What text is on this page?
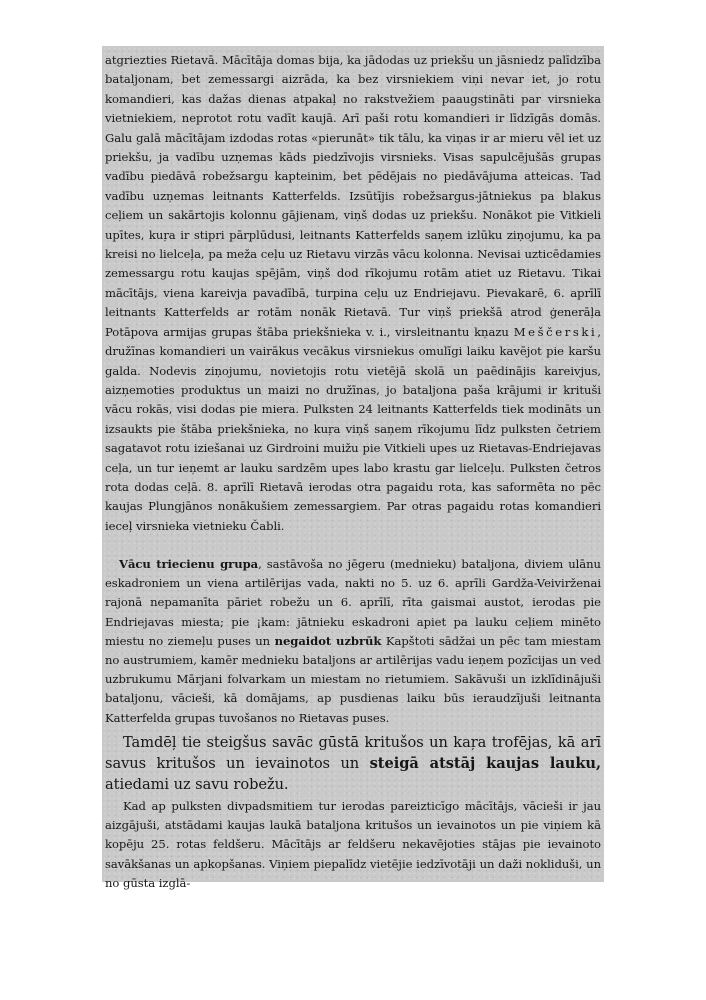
atgriezties Rietavā. Mācītāja domas bija, ka jādodas uz priekšu un jāsniedz palīdzība bataljonam, bet zemessargi aizrāda, ka bez virsniekiem viņi nevar iet, jo rotu komandieri, kas dažas dienas atpakaļ no rakstvežiem paaugstināti par virsnieka vietniekiem, neprotot rotu vadīt kaujā. Arī paši rotu komandieri ir līdzīgās domās. Galu galā mācītājam izdodas rotas «pierunāt» tik tālu, ka viņas ir ar mieru vēl iet uz priekšu, ja vadību uzņemas kāds piedzīvojis virsnieks. Visas sapulcējušās grupas vadību piedāvā robežsargu kapteinim, bet pēdējais no piedāvājuma atteicas. Tad vadību uzņemas leitnants Katterfelds. Izsūtījis robežsargus-jātniekus pa blakus ceļiem un sakārtojis kolonnu gājienam, viņš dodas uz priekšu. Nonākot pie Vitkieli upītes, kuŗa ir stipri pārplūdusi, leitnants Katterfelds saņem izlūku ziņojumu, ka pa kreisi no lielceļa, pa meža ceļu uz Rietavu virzās vācu kolonna. Nevisai uzticēdamies zemessargu rotu kaujas spējām, viņš dod rīkojumu rotām atiet uz Rietavu. Tikai mācītājs, viena kareivja pavadībā, turpina ceļu uz Endriejavu. Pievakarē, 6. aprīlī leitnants Katterfelds ar rotām nonāk Rietavā. Tur viņš priekšā atrod ģenerāļa Potāpova armijas grupas štāba priekšnieka v. i., virsleitnantu kņazu Meščerski, družīnas komandieri un vairākus vecākus virsniekus omulīgi laiku kavējot pie karšu galda. Nodevis ziņojumu, novietojis rotu vietējā skolā un paēdinājis kareivjus, aizņemoties produktus un maizi no družīnas, jo bataljona paša krājumi ir krituši vācu rokās, visi dodas pie miera. Pulksten 24 leitnants Katterfelds tiek modināts un izsaukts pie štāba priekšnieka, no kuŗa viņš saņem rīkojumu līdz pulksten četriem sagatavot rotu iziešanai uz Girdroini muižu pie Vitkieli upes uz Rietavas-Endriejavas ceļa, un tur ieņemt ar lauku sardzēm upes labo krastu gar lielceļu. Pulksten četros rota dodas ceļā. 8. aprīlī Rietavā ierodas otra pagaidu rota, kas saformēta no pēc kaujas Plungjānos nonākušiem zemessargiem. Par otras pagaidu rotas komandieri ieceļ virsnieka vietnieku Čabli.

Vācu triecienu grupa, sastāvoša no jēgeru (mednieku) bataljona, diviem ulānu eskadroniem un viena artilērijas vada, nakti no 5. uz 6. aprīli Gardža-Veivirženai rajonā nepamanīta pāriet robežu un 6. aprīlī, rīta gaismai austot, ierodas pie Endriejavas miesta; pie ¡kam: jātnieku eskadroni apiet pa lauku ceļiem minēto miestu no ziemeļu puses un negaidot uzbrūk Kapštoti sādžai un pēc tam miestam no austrumiem, kamēr mednieku bataljons ar artilērijas vadu ieņem pozīcijas un ved uzbrukumu Mārjani folvarkam un miestam no rietumiem. Sakāvuši un izklīdinājuši bataljonu, vācieši, kā domājams, ap pusdienas laiku būs ieraudzījuši leitnanta Katterfelda grupas tuvošanos no Rietavas puses.

Tamdēļ tie steigšus savāc gūstā kritušos un kaŗa trofējas, kā arī savus kritušos un ievainotos un steigā atstāj kaujas lauku, atiedami uz savu robežu.

Kad ap pulksten divpadsmitiem tur ierodas pareizticīgo mācītājs, vācieši ir jau aizgājuši, atstādami kaujas laukā bataljona kritušos un ievainotos un pie viņiem kā kopēju 25. rotas feldšeru. Mācītājs ar feldšeru nekavējoties stājas pie ievainoto savākšanas un apkopšanas. Viņiem piepalīdz vietējie iedzīvotāji un daži nokliduši, un no gūsta izglā-
